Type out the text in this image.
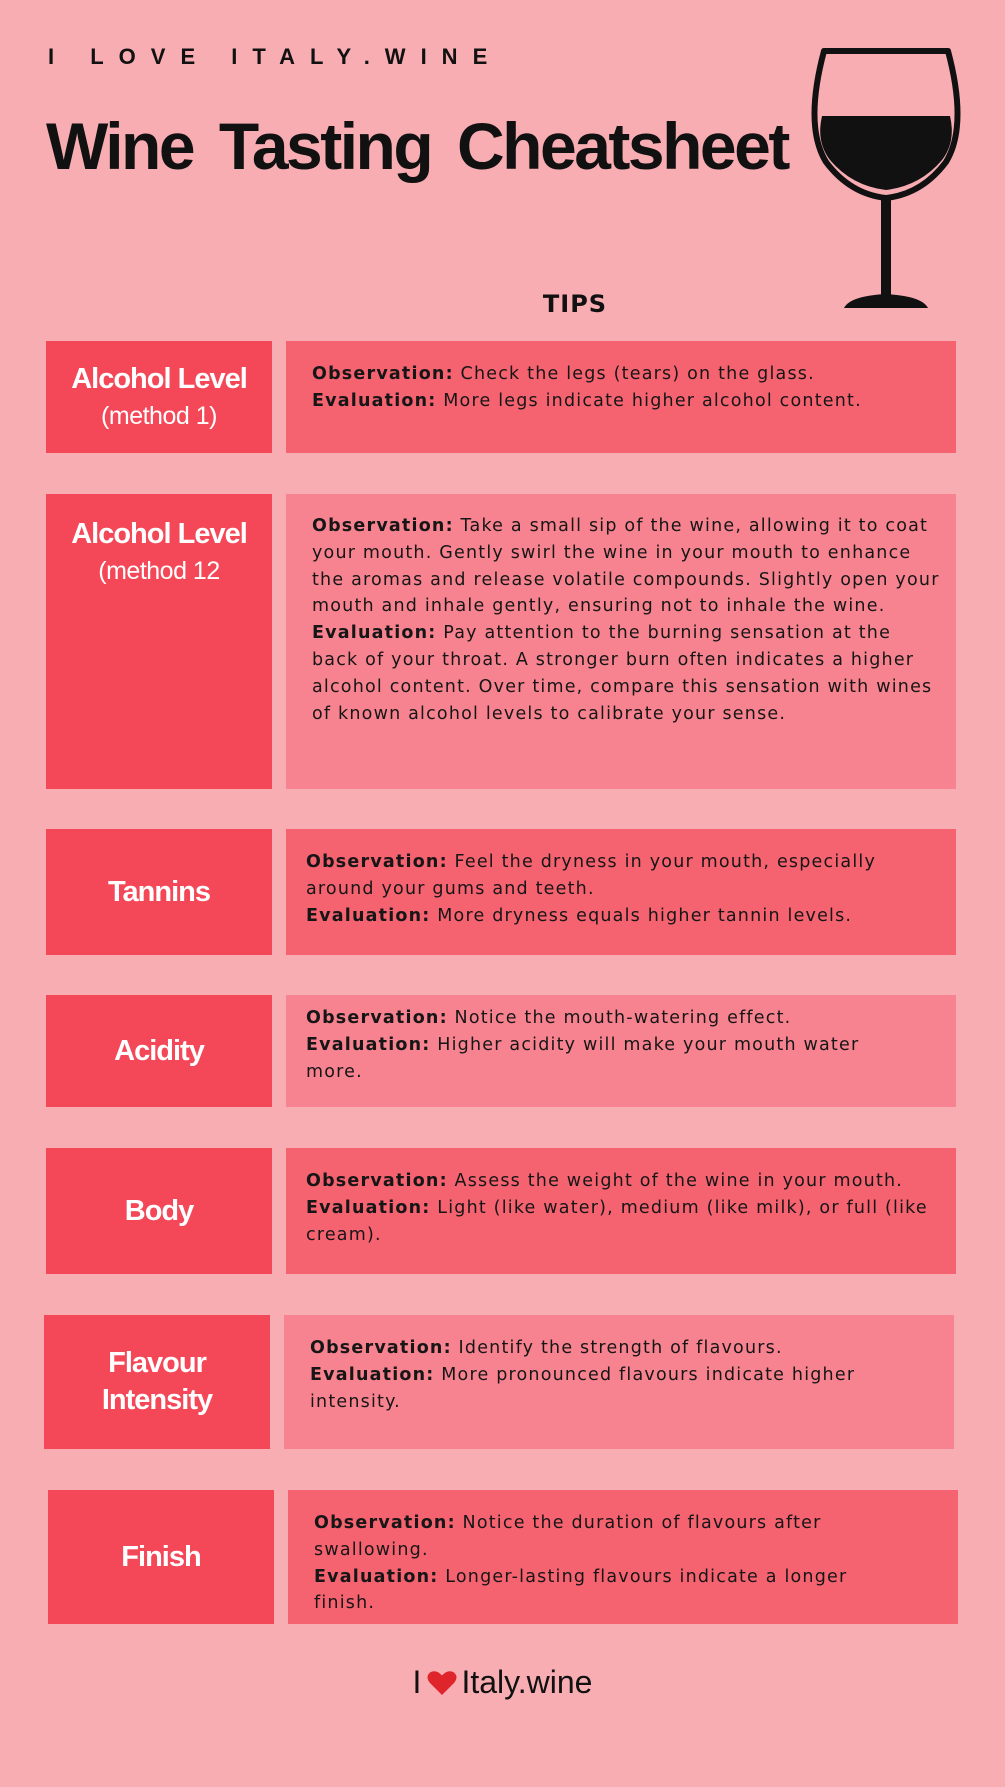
I LOVE ITALY.WINE
Wine Tasting Cheatsheet
TIPS
Alcohol Level
(method 1)

Observation: Check the legs (tears) on the glass.

Evaluation: More legs indicate higher alcohol content.

Alcohol Level
(method 12

Observation: Take a small sip of the wine, allowing it to coat your mouth. Gently swirl the wine in your mouth to enhance the aromas and release volatile compounds. Slightly open your mouth and inhale gently, ensuring not to inhale the wine.

Evaluation: Pay attention to the burning sensation at the back of your throat. A stronger burn often indicates a higher alcohol content. Over time, compare this sensation with wines of known alcohol levels to calibrate your sense.

Tannins

Observation: Feel the dryness in your mouth, especially around your gums and teeth.

Evaluation: More dryness equals higher tannin levels.

Acidity

Observation: Notice the mouth-watering effect.

Evaluation: Higher acidity will make your mouth water more.

Body

Observation: Assess the weight of the wine in your mouth.

Evaluation: Light (like water), medium (like milk), or full (like cream).

Flavour Intensity

Observation: Identify the strength of flavours.

Evaluation: More pronounced flavours indicate higher intensity.

Finish

Observation: Notice the duration of flavours after swallowing.

Evaluation: Longer-lasting flavours indicate a longer finish.

I Italy.wine
